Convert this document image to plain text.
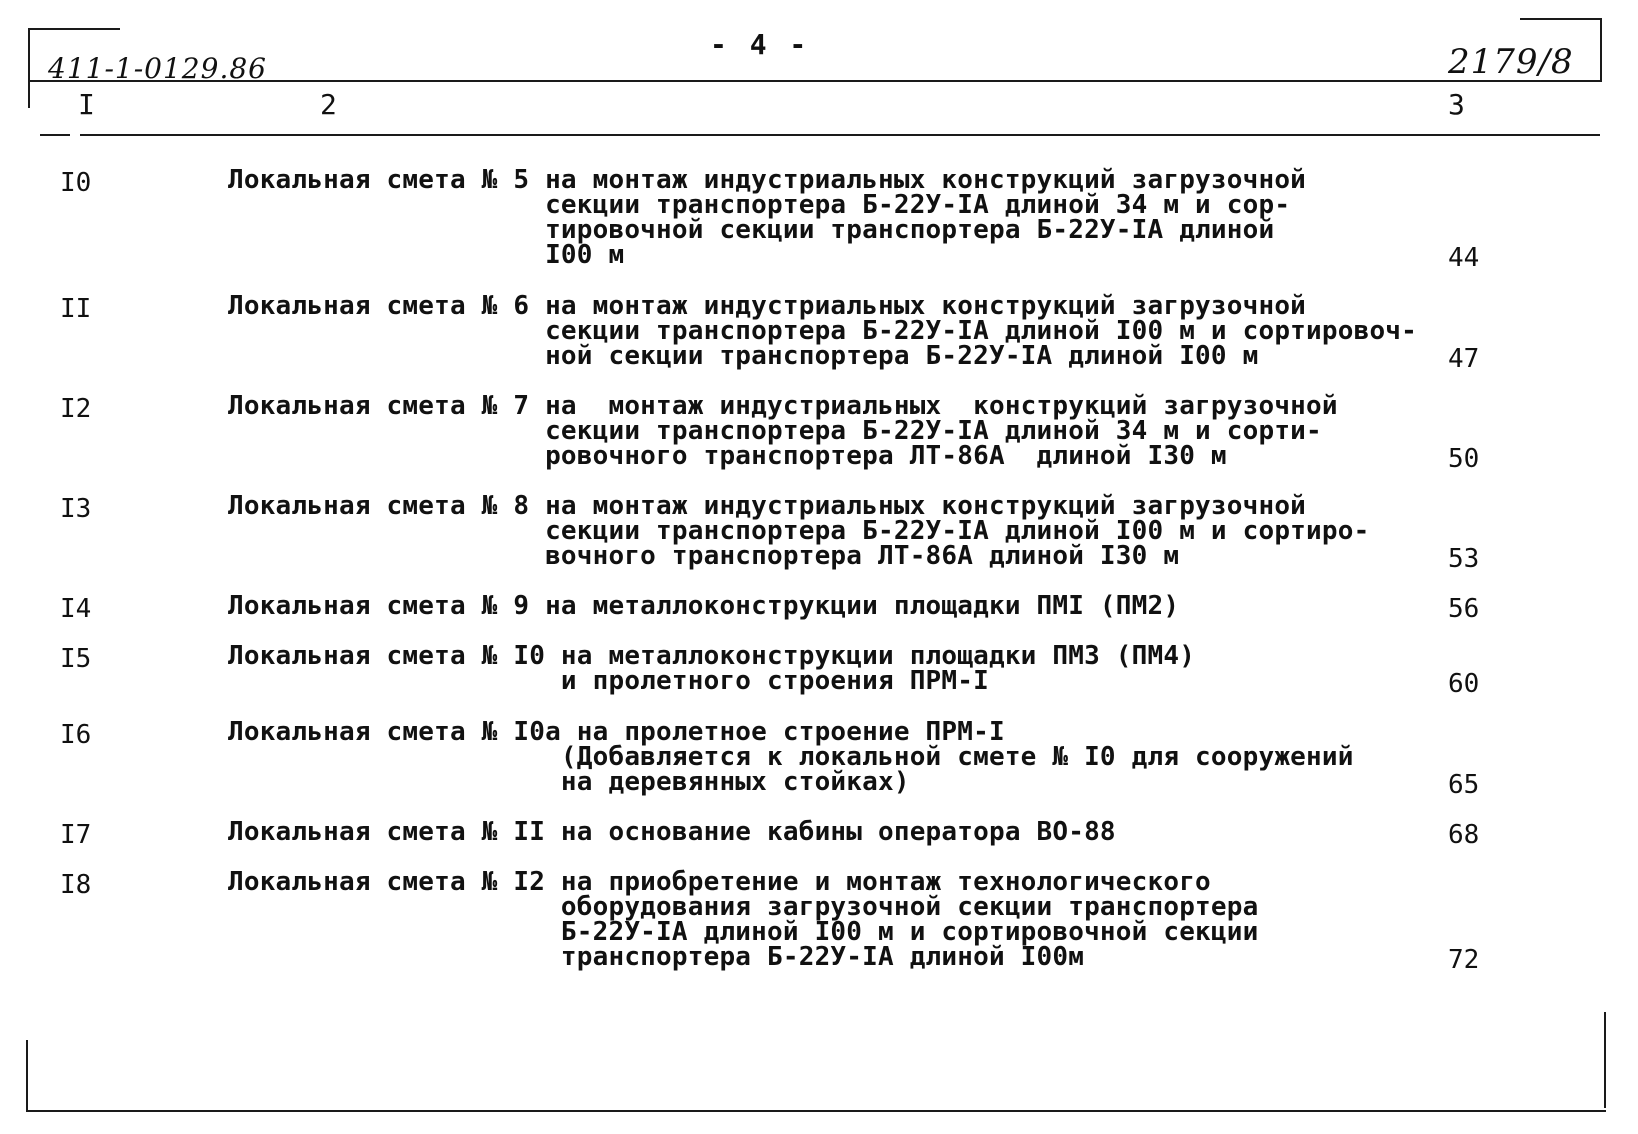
411-1-0129.86
- 4 -	2179/8
I	2	3
I0	Локальная смета № 5 на монтаж индустриальных конструкций загрузочной
секции транспортера Б-22У-IА длиной 34 м и сор-
тировочной секции транспортера Б-22У-IА длиной
I00 м	44
II	Локальная смета № 6 на монтаж индустриальных конструкций загрузочной
секции транспортера Б-22У-IА длиной I00 м и сортировоч-
ной секции транспортера Б-22У-IА длиной I00 м	47
I2	Локальная смета № 7 на  монтаж индустриальных  конструкций загрузочной
секции транспортера Б-22У-IА длиной 34 м и сорти-
ровочного транспортера ЛТ-86А  длиной I30 м	50
I3	Локальная смета № 8 на монтаж индустриальных конструкций загрузочной
секции транспортера Б-22У-IА длиной I00 м и сортиро-
вочного транспортера ЛТ-86А длиной I30 м	53
I4	Локальная смета № 9 на металлоконструкции площадки ПМI (ПМ2)	56
I5	Локальная смета № I0 на металлоконструкции площадки ПМ3 (ПМ4)
и пролетного строения ПРМ-I	60
I6	Локальная смета № I0а на пролетное строение ПРМ-I
(Добавляется к локальной смете № I0 для сооружений
на деревянных стойках)	65
I7	Локальная смета № II на основание кабины оператора ВО-88	68
I8	Локальная смета № I2 на приобретение и монтаж технологического
оборудования загрузочной секции транспортера
Б-22У-IА длиной I00 м и сортировочной секции
транспортера Б-22У-IА длиной I00м	72
